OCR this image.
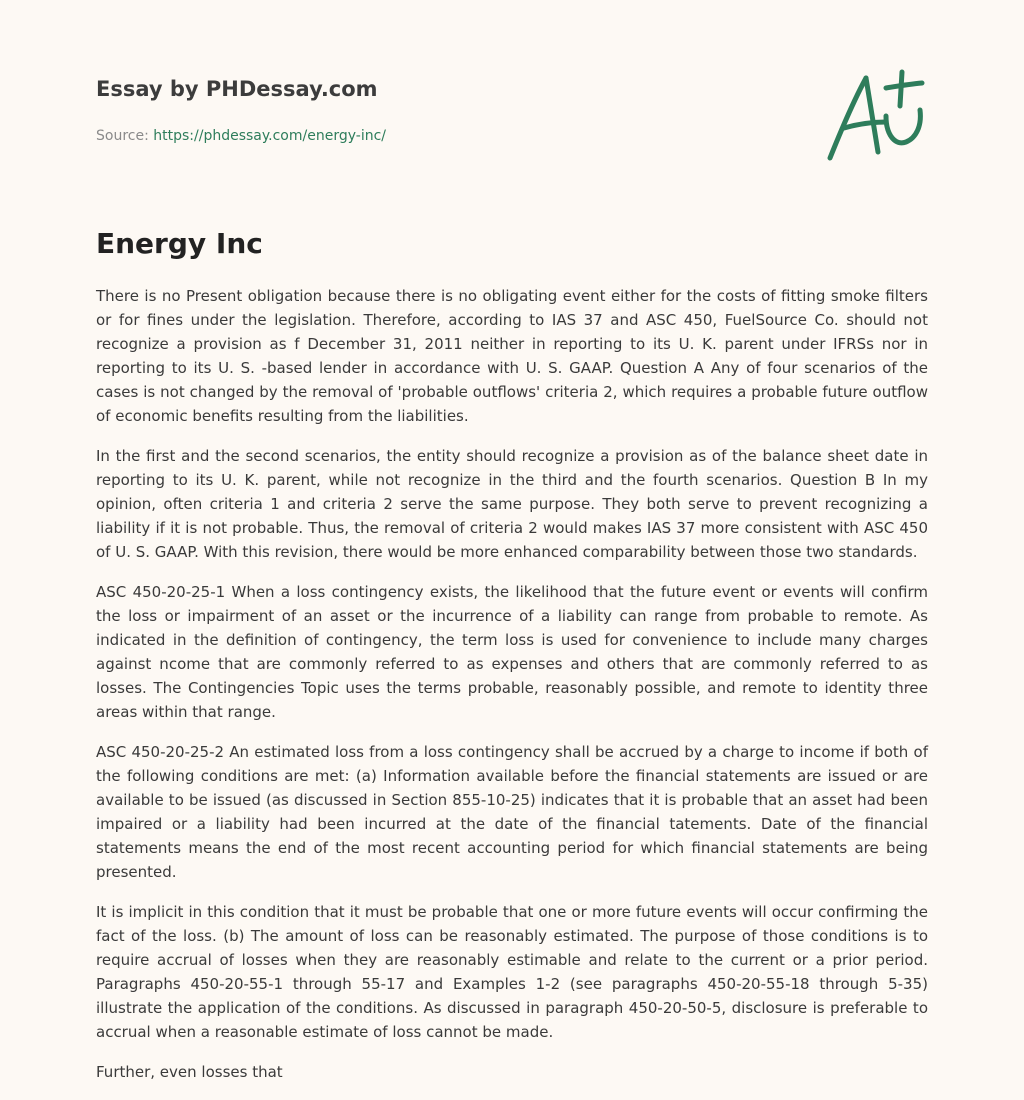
Essay by PHDessay.com
Source: https://phdessay.com/energy-inc/
Energy Inc

There is no Present obligation because there is no obligating event either for the costs of fitting smoke filters or for fines under the legislation. Therefore, according to IAS 37 and ASC 450, FuelSource Co. should not recognize a provision as f December 31, 2011 neither in reporting to its U. K. parent under IFRSs nor in reporting to its U. S. -based lender in accordance with U. S. GAAP. Question A Any of four scenarios of the cases is not changed by the removal of 'probable outflows' criteria 2, which requires a probable future outflow of economic benefits resulting from the liabilities.

In the first and the second scenarios, the entity should recognize a provision as of the balance sheet date in reporting to its U. K. parent, while not recognize in the third and the fourth scenarios. Question B In my opinion, often criteria 1 and criteria 2 serve the same purpose. They both serve to prevent recognizing a liability if it is not probable. Thus, the removal of criteria 2 would makes IAS 37 more consistent with ASC 450 of U. S. GAAP. With this revision, there would be more enhanced comparability between those two standards.

ASC 450-20-25-1 When a loss contingency exists, the likelihood that the future event or events will confirm the loss or impairment of an asset or the incurrence of a liability can range from probable to remote. As indicated in the definition of contingency, the term loss is used for convenience to include many charges against ncome that are commonly referred to as expenses and others that are commonly referred to as losses. The Contingencies Topic uses the terms probable, reasonably possible, and remote to identity three areas within that range.

ASC 450-20-25-2 An estimated loss from a loss contingency shall be accrued by a charge to income if both of the following conditions are met: (a) Information available before the financial statements are issued or are available to be issued (as discussed in Section 855-10-25) indicates that it is probable that an asset had been impaired or a liability had been incurred at the date of the financial tatements. Date of the financial statements means the end of the most recent accounting period for which financial statements are being presented.

It is implicit in this condition that it must be probable that one or more future events will occur confirming the fact of the loss. (b) The amount of loss can be reasonably estimated. The purpose of those conditions is to require accrual of losses when they are reasonably estimable and relate to the current or a prior period. Paragraphs 450-20-55-1 through 55-17 and Examples 1-2 (see paragraphs 450-20-55-18 through 5-35) illustrate the application of the conditions. As discussed in paragraph 450-20-50-5, disclosure is preferable to accrual when a reasonable estimate of loss cannot be made.

Further, even losses that
